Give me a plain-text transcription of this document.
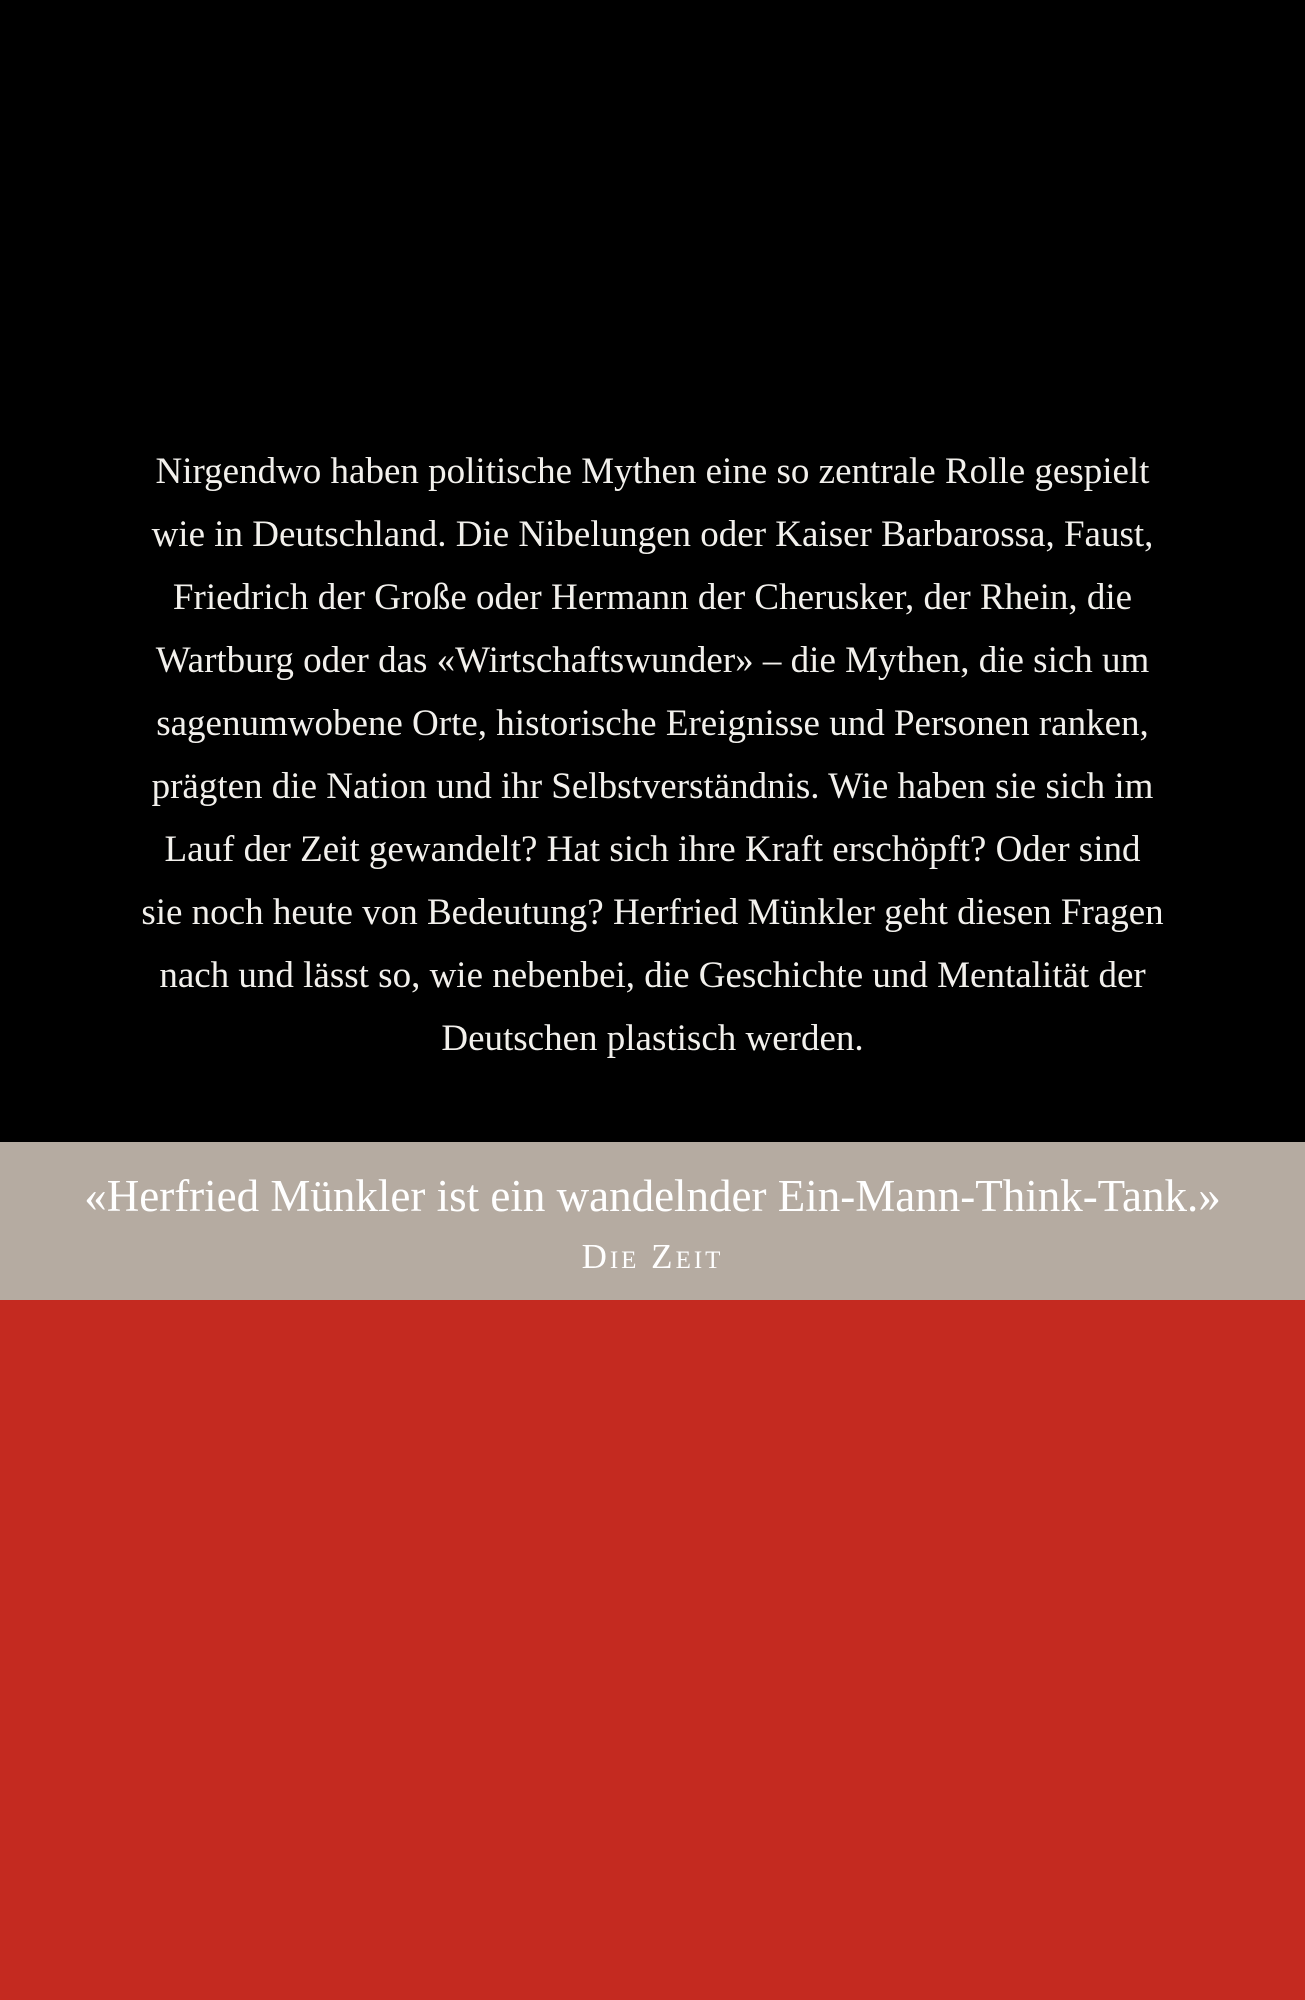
Nirgendwo haben politische Mythen eine so zentrale Rolle gespielt
wie in Deutschland. Die Nibelungen oder Kaiser Barbarossa, Faust,
Friedrich der Große oder Hermann der Cherusker, der Rhein, die
Wartburg oder das «Wirtschaftswunder» – die Mythen, die sich um
sagenumwobene Orte, historische Ereignisse und Personen ranken,
prägten die Nation und ihr Selbstverständnis. Wie haben sie sich im
Lauf der Zeit gewandelt? Hat sich ihre Kraft erschöpft? Oder sind
sie noch heute von Bedeutung? Herfried Münkler geht diesen Fragen
nach und lässt so, wie nebenbei, die Geschichte und Mentalität der
Deutschen plastisch werden.
«Herfried Münkler ist ein wandelnder Ein-Mann-Think-Tank.»
Die Zeit
